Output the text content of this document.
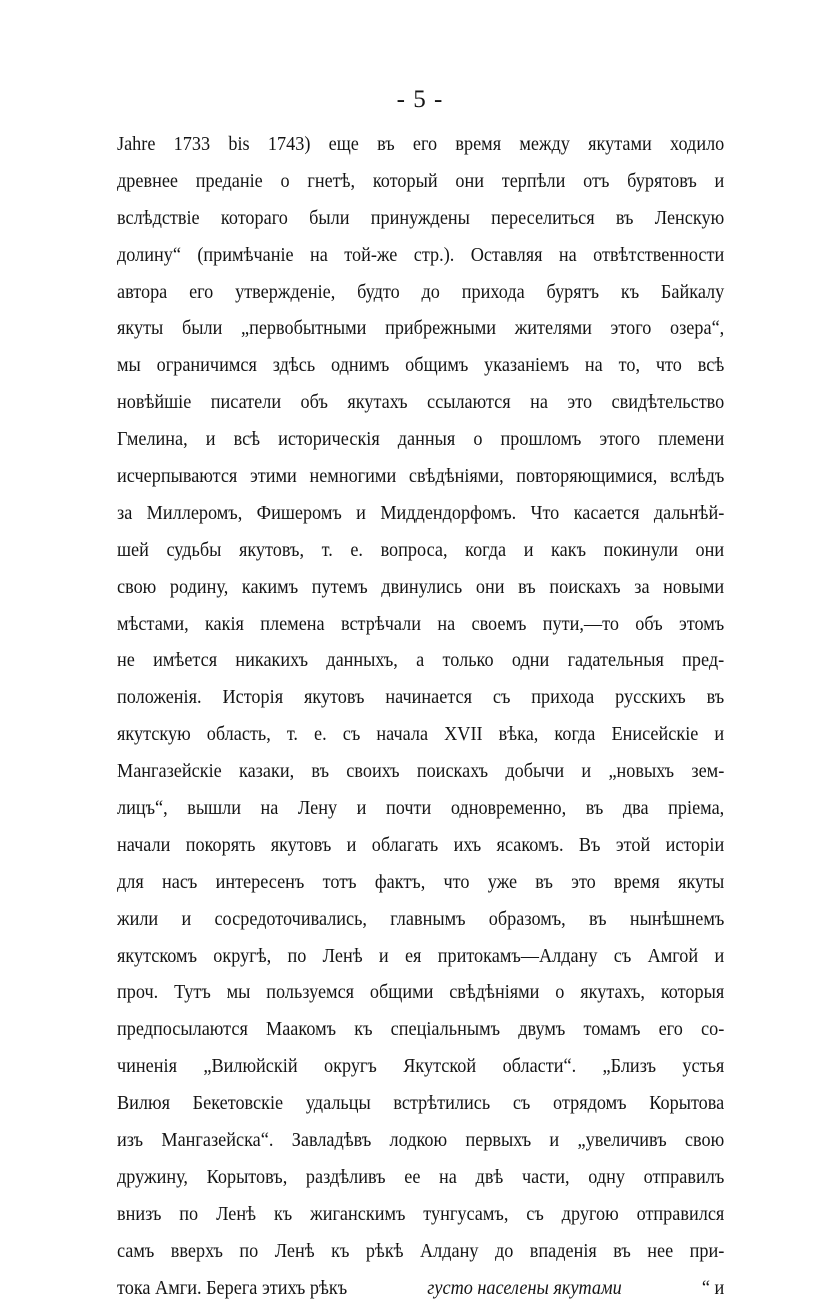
- 5 -
Jahre 1733 bis 1743) еще въ его время между якутами ходило
древнее преданіе о гнетѣ, который они терпѣли отъ бурятовъ и
вслѣдствіе котораго были принуждены переселиться въ Ленскую
долину“ (примѣчаніе на той-же стр.). Оставляя на отвѣтственности
автора его утвержденіе, будто до прихода бурятъ къ Байкалу
якуты были „первобытными прибрежными жителями этого озера“,
мы ограничимся здѣсь однимъ общимъ указаніемъ на то, что всѣ
новѣйшіе писатели объ якутахъ ссылаются на это свидѣтельство
Гмелина, и всѣ историческія данныя о прошломъ этого племени
исчерпываются этими немногими свѣдѣніями, повторяющимися, вслѣдъ
за Миллеромъ, Фишеромъ и Миддендорфомъ. Что касается дальнѣй-
шей судьбы якутовъ, т. е. вопроса, когда и какъ покинули они
свою родину, какимъ путемъ двинулись они въ поискахъ за новыми
мѣстами, какія племена встрѣчали на своемъ пути,—то объ этомъ
не имѣется никакихъ данныхъ, а только одни гадательныя пред-
положенія. Исторія якутовъ начинается съ прихода русскихъ въ
якутскую область, т. е. съ начала XVII вѣка, когда Енисейскіе и
Мангазейскіе казаки, въ своихъ поискахъ добычи и „новыхъ зем-
лицъ“, вышли на Лену и почти одновременно, въ два пріема,
начали покорять якутовъ и облагать ихъ ясакомъ. Въ этой исторіи
для насъ интересенъ тотъ фактъ, что уже въ это время якуты
жили и сосредоточивались, главнымъ образомъ, въ нынѣшнемъ
якутскомъ округѣ, по Ленѣ и ея притокамъ—Алдану съ Амгой и
проч. Тутъ мы пользуемся общими свѣдѣніями о якутахъ, которыя
предпосылаются Маакомъ къ спеціальнымъ двумъ томамъ его со-
чиненія „Вилюйскій округъ Якутской области“. „Близъ устья
Вилюя Бекетовскіе удальцы встрѣтились съ отрядомъ Корытова
изъ Мангазейска“. Завладѣвъ лодкою первыхъ и „увеличивъ свою
дружину, Корытовъ, раздѣливъ ее на двѣ части, одну отправилъ
внизъ по Ленѣ къ жиганскимъ тунгусамъ, съ другою отправился
самъ вверхъ по Ленѣ къ рѣкѣ Алдану до впаденія въ нее при-
тока Амги. Берега этихъ рѣкъ	густо населены якутами	“ и
